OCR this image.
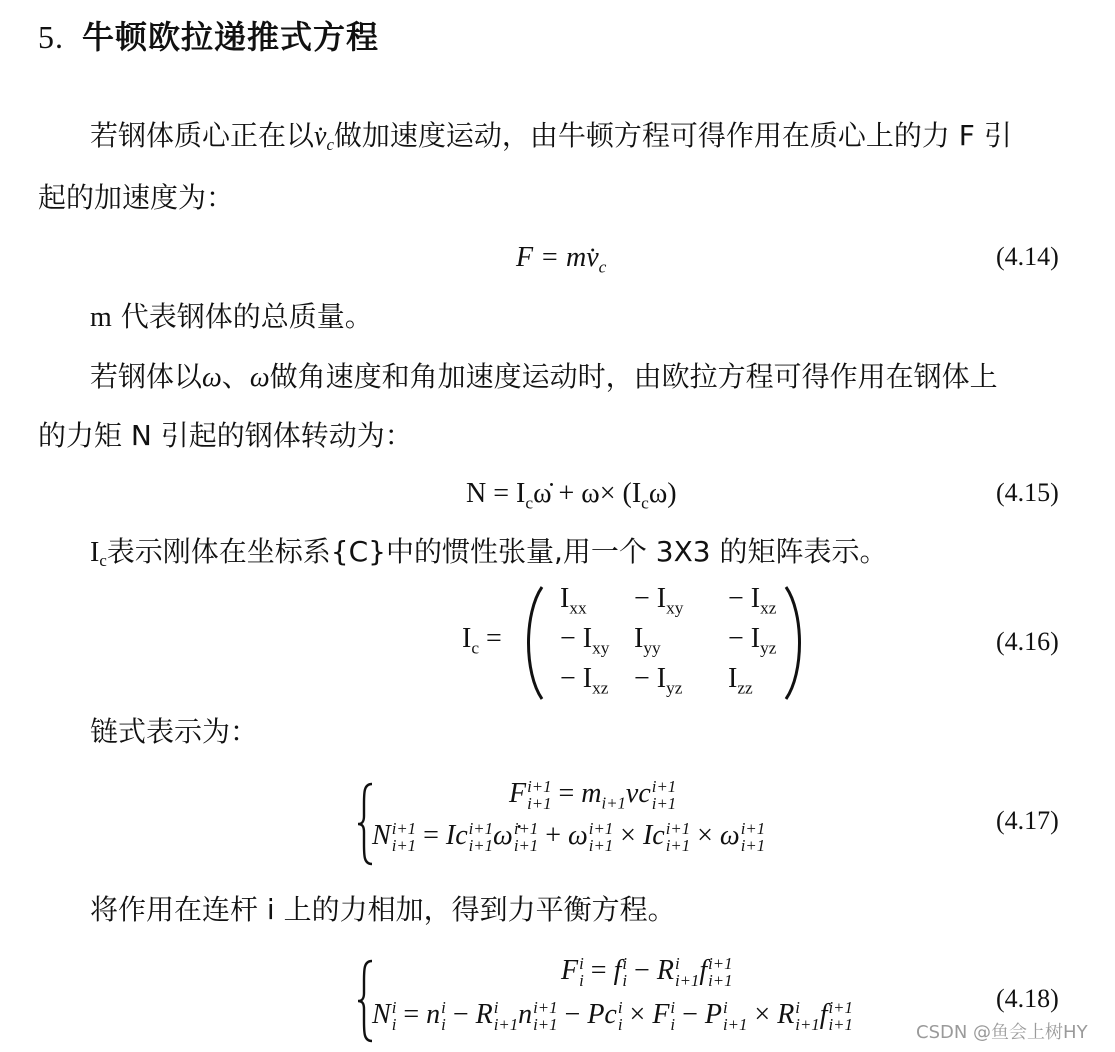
5. 牛顿欧拉递推式方程
若钢体质心正在以$v̇_c$做加速度运动，由牛顿方程可得作用在质心上的力 F 引
起的加速度为：
$F = mv̇_c$	(4.14)
m 代表钢体的总质量。
若钢体以ω、ω̇做角速度和角加速度运动时，由欧拉方程可得作用在钢体上
的力矩 N 引起的钢体转动为：
$N = I_c\omegȧ + \omega\times (I_c\omega)$	(4.15)
$I_c$表示刚体在坐标系{C}中的惯性张量,用一个 3X3 的矩阵表示。
$I_c$ =
$I_{xx} - I_{xy} - I_{xz}$
− $I_{xy}$ $I_{yy} - I_{yz}$
− $I_{xz} - I_{yz}$ $I_{zz}$
(4.16)
链式表示为：
F i+1
$i+1 = m_{i+1}vc$ i+1
i+1
N i+1
i+1 = Ic i+1
i+1 ω̇ i+1
i+1 + ω i+1
i+1 × Ic i+1
i+1 × ω i+1
i+1
(4.17)
将作用在连杆 i 上的力相加，得到力平衡方程。
F i
i = f i
i − R i
i+1 f i+1
i+1
N i
i = n i
i − R i
i+1 n i+1
i+1 − Pc i
i × F i
i − P i
i+1 × R i
i+1 f i+1
i+1
(4.18)
CSDN @鱼会上树HY
